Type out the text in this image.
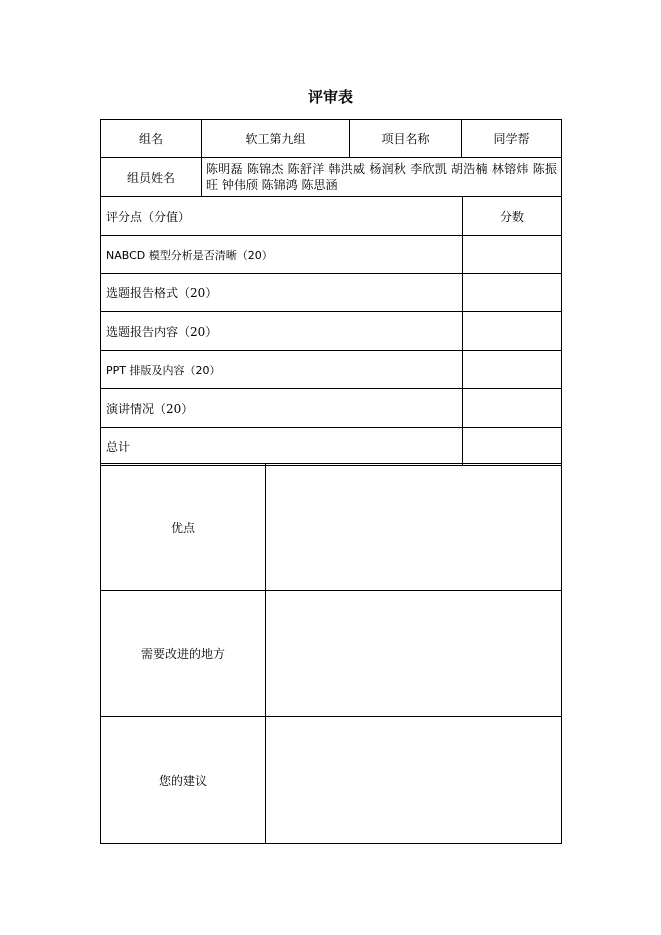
评审表
组名	软工第九组	项目名称	同学帮
组员姓名	陈明磊 陈锦杰 陈舒洋 韩洪威 杨润秋 李欣凯 胡浩楠 林镕炜 陈振旺 钟伟颀 陈锦鸿 陈思涵		
评分点（分值）	分数
NABCD 模型分析是否清晰（20）	
选题报告格式（20）	
选题报告内容（20）	
PPT 排版及内容（20）	
演讲情况（20）	
总计	
优点	
需要改进的地方	
您的建议	
